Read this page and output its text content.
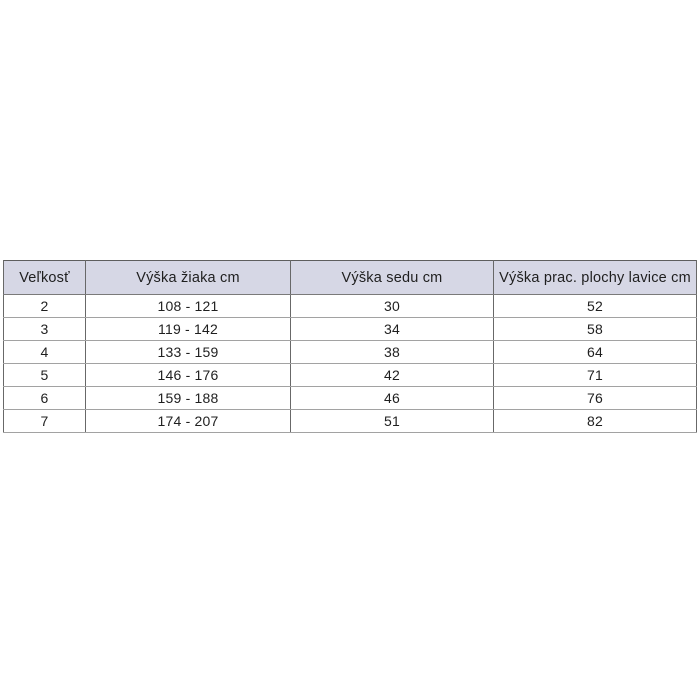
Veľkosť	Výška žiaka cm	Výška sedu cm	Výška prac. plochy lavice cm
2	108 - 121	30	52
3	119 - 142	34	58
4	133 - 159	38	64
5	146 - 176	42	71
6	159 - 188	46	76
7	174 - 207	51	82
